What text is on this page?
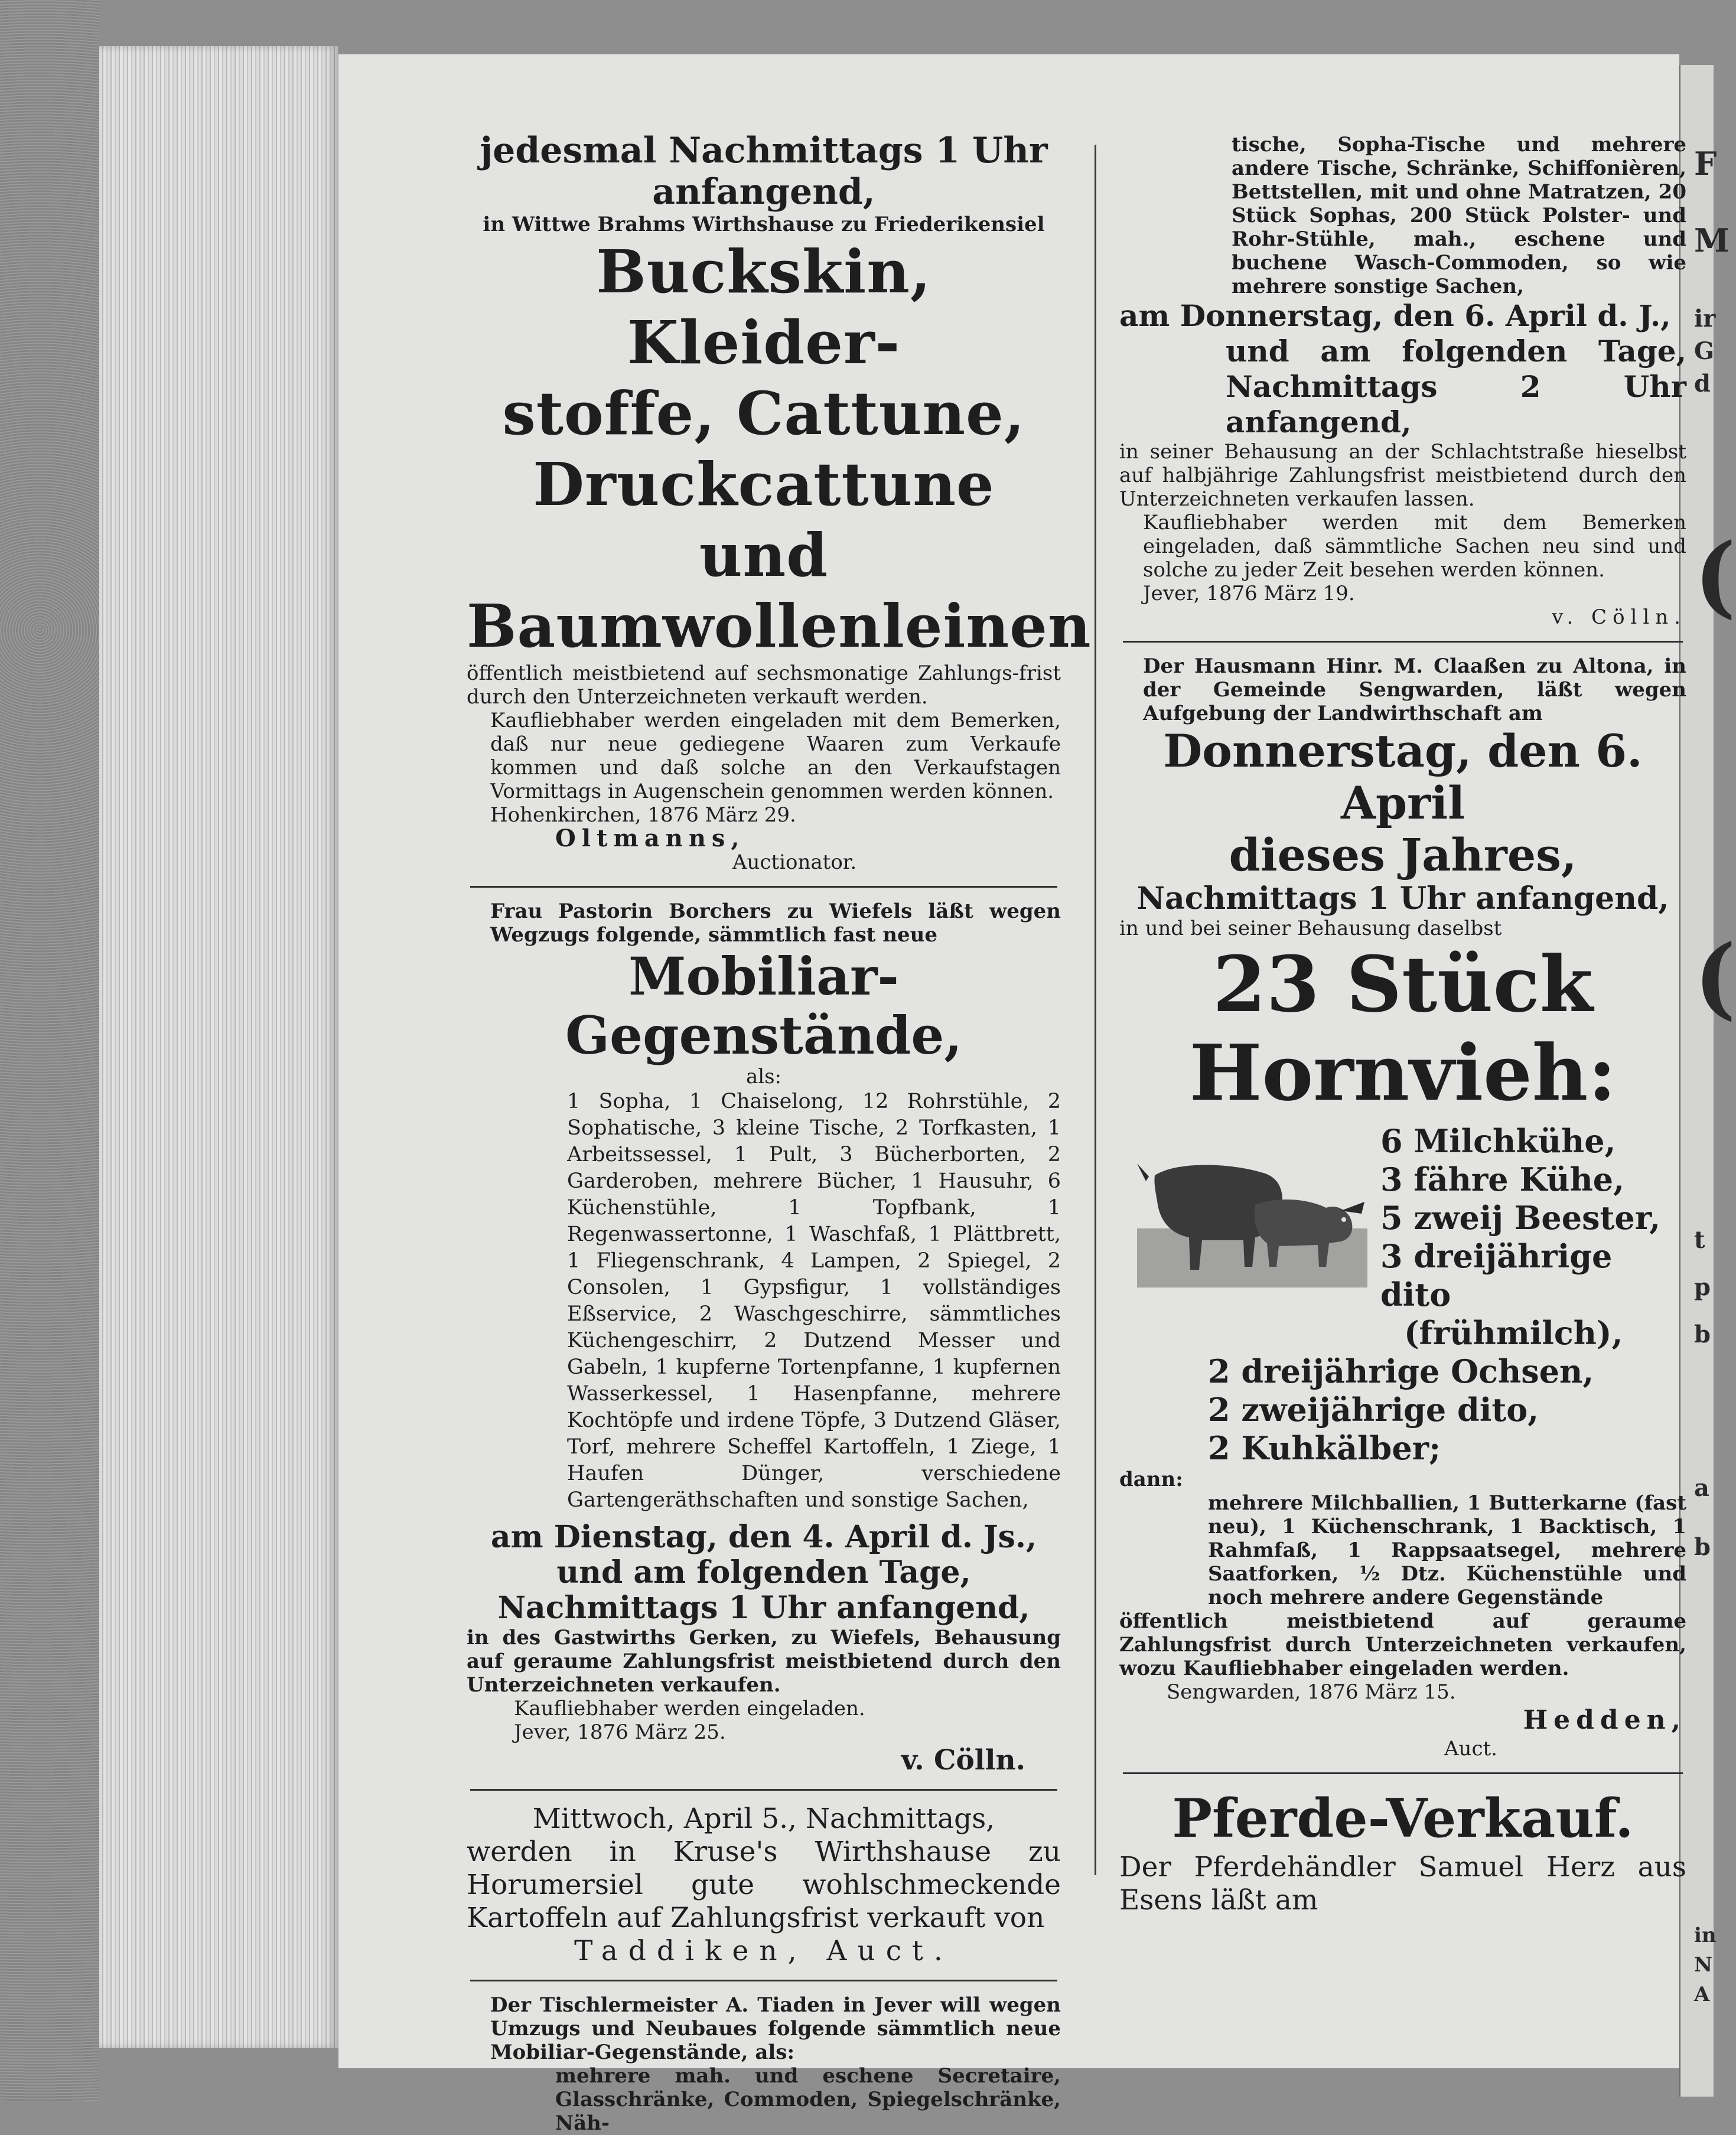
F
M
ir
G
d
(
(
t
p
b
a
b
in
N
A

jedesmal Nachmittags 1 Uhr

anfangend,

in Wittwe Brahms Wirthshause zu Friederikensiel

Buckskin, Kleider-

stoffe, Cattune,

Druckcattune und

Baumwollenleinen

öffentlich meistbietend auf sechsmonatige Zahlungs-frist durch den Unterzeichneten verkauft werden.

Kaufliebhaber werden eingeladen mit dem Bemerken, daß nur neue gediegene Waaren zum Verkaufe kommen und daß solche an den Verkaufstagen Vormittags in Augenschein genommen werden können.

Hohenkirchen, 1876 März 29.

Oltmanns,

Auctionator.

Frau Pastorin Borchers zu Wiefels läßt wegen Wegzugs folgende, sämmtlich fast neue

Mobiliar-Gegenstände,

als:

1 Sopha, 1 Chaiselong, 12 Rohrstühle, 2 Sophatische, 3 kleine Tische, 2 Torfkasten, 1 Arbeitssessel, 1 Pult, 3 Bücherborten, 2 Garderoben, mehrere Bücher, 1 Hausuhr, 6 Küchenstühle, 1 Topfbank, 1 Regenwassertonne, 1 Waschfaß, 1 Plättbrett, 1 Fliegenschrank, 4 Lampen, 2 Spiegel, 2 Consolen, 1 Gypsfigur, 1 vollständiges Eßservice, 2 Waschgeschirre, sämmtliches Küchengeschirr, 2 Dutzend Messer und Gabeln, 1 kupferne Tortenpfanne, 1 kupfernen Wasserkessel, 1 Hasenpfanne, mehrere Kochtöpfe und irdene Töpfe, 3 Dutzend Gläser, Torf, mehrere Scheffel Kartoffeln, 1 Ziege, 1 Haufen Dünger, verschiedene Gartengeräthschaften und sonstige Sachen,

am Dienstag, den 4. April d. Js.,

und am folgenden Tage,

Nachmittags 1 Uhr anfangend,

in des Gastwirths Gerken, zu Wiefels, Behausung auf geraume Zahlungsfrist meistbietend durch den Unterzeichneten verkaufen.

Kaufliebhaber werden eingeladen.

Jever, 1876 März 25.

v. Cölln.

Mittwoch, April 5., Nachmittags,

werden in Kruse's Wirthshause zu Horumersiel gute wohlschmeckende Kartoffeln auf Zahlungsfrist verkauft von

Taddiken, Auct.

Der Tischlermeister A. Tiaden in Jever will wegen Umzugs und Neubaues folgende sämmtlich neue Mobiliar-Gegenstände, als:

mehrere mah. und eschene Secretaire, Glasschränke, Commoden, Spiegelschränke, Näh-

tische, Sopha-Tische und mehrere andere Tische, Schränke, Schiffonièren, Bettstellen, mit und ohne Matratzen, 20 Stück Sophas, 200 Stück Polster- und Rohr-Stühle, mah., eschene und buchene Wasch-Commoden, so wie mehrere sonstige Sachen,

am Donnerstag, den 6. April d. J.,

und am folgenden Tage, Nachmittags 2 Uhr anfangend,

in seiner Behausung an der Schlachtstraße hieselbst auf halbjährige Zahlungsfrist meistbietend durch den Unterzeichneten verkaufen lassen.

Kaufliebhaber werden mit dem Bemerken eingeladen, daß sämmtliche Sachen neu sind und solche zu jeder Zeit besehen werden können.

Jever, 1876 März 19.

v. Cölln.

Der Hausmann Hinr. M. Claaßen zu Altona, in der Gemeinde Sengwarden, läßt wegen Aufgebung der Landwirthschaft am

Donnerstag, den 6. April

dieses Jahres,

Nachmittags 1 Uhr anfangend,

in und bei seiner Behausung daselbst

23 Stück

Hornvieh:

6 Milchkühe,
3 fähre Kühe,
5 zweij Beester,
3 dreijährige dito
(frühmilch),
2 dreijährige Ochsen,
2 zweijährige dito,
2 Kuhkälber;

dann:

mehrere Milchballien, 1 Butterkarne (fast neu), 1 Küchenschrank, 1 Backtisch, 1 Rahmfaß, 1 Rappsaatsegel, mehrere Saatforken, ½ Dtz. Küchenstühle und noch mehrere andere Gegenstände

öffentlich meistbietend auf geraume Zahlungsfrist durch Unterzeichneten verkaufen, wozu Kaufliebhaber eingeladen werden.

Sengwarden, 1876 März 15.

Hedden,

Auct.

Pferde-Verkauf.

Der Pferdehändler Samuel Herz aus Esens läßt am
